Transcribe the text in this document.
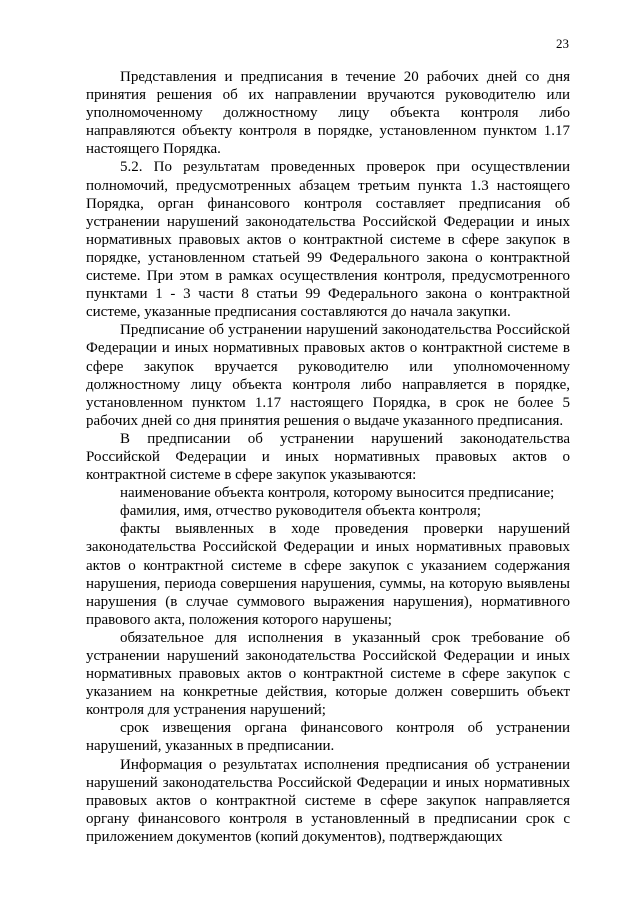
23

Представления и предписания в течение 20 рабочих дней со дня принятия решения об их направлении вручаются руководителю или уполномоченному должностному лицу объекта контроля либо направляются объекту контроля в порядке, установленном пунктом 1.17 настоящего Порядка.

5.2. По результатам проведенных проверок при осуществлении полномочий, предусмотренных абзацем третьим пункта 1.3 настоящего Порядка, орган финансового контроля составляет предписания об устранении нарушений законодательства Российской Федерации и иных нормативных правовых актов о контрактной системе в сфере закупок в порядке, установленном статьей 99 Федерального закона о контрактной системе. При этом в рамках осуществления контроля, предусмотренного пунктами 1 - 3 части 8 статьи 99 Федерального закона о контрактной системе, указанные предписания составляются до начала закупки.

Предписание об устранении нарушений законодательства Российской Федерации и иных нормативных правовых актов о контрактной системе в сфере закупок вручается руководителю или уполномоченному должностному лицу объекта контроля либо направляется в порядке, установленном пунктом 1.17 настоящего Порядка, в срок не более 5 рабочих дней со дня принятия решения о выдаче указанного предписания.

В предписании об устранении нарушений законодательства Российской Федерации и иных нормативных правовых актов о контрактной системе в сфере закупок указываются:

наименование объекта контроля, которому выносится предписание;

фамилия, имя, отчество руководителя объекта контроля;

факты выявленных в ходе проведения проверки нарушений законодательства Российской Федерации и иных нормативных правовых актов о контрактной системе в сфере закупок с указанием содержания нарушения, периода совершения нарушения, суммы, на которую выявлены нарушения (в случае суммового выражения нарушения), нормативного правового акта, положения которого нарушены;

обязательное для исполнения в указанный срок требование об устранении нарушений законодательства Российской Федерации и иных нормативных правовых актов о контрактной системе в сфере закупок с указанием на конкретные действия, которые должен совершить объект контроля для устранения нарушений;

срок извещения органа финансового контроля об устранении нарушений, указанных в предписании.

Информация о результатах исполнения предписания об устранении нарушений законодательства Российской Федерации и иных нормативных правовых актов о контрактной системе в сфере закупок направляется органу финансового контроля в установленный в предписании срок с приложением документов (копий документов), подтверждающих
